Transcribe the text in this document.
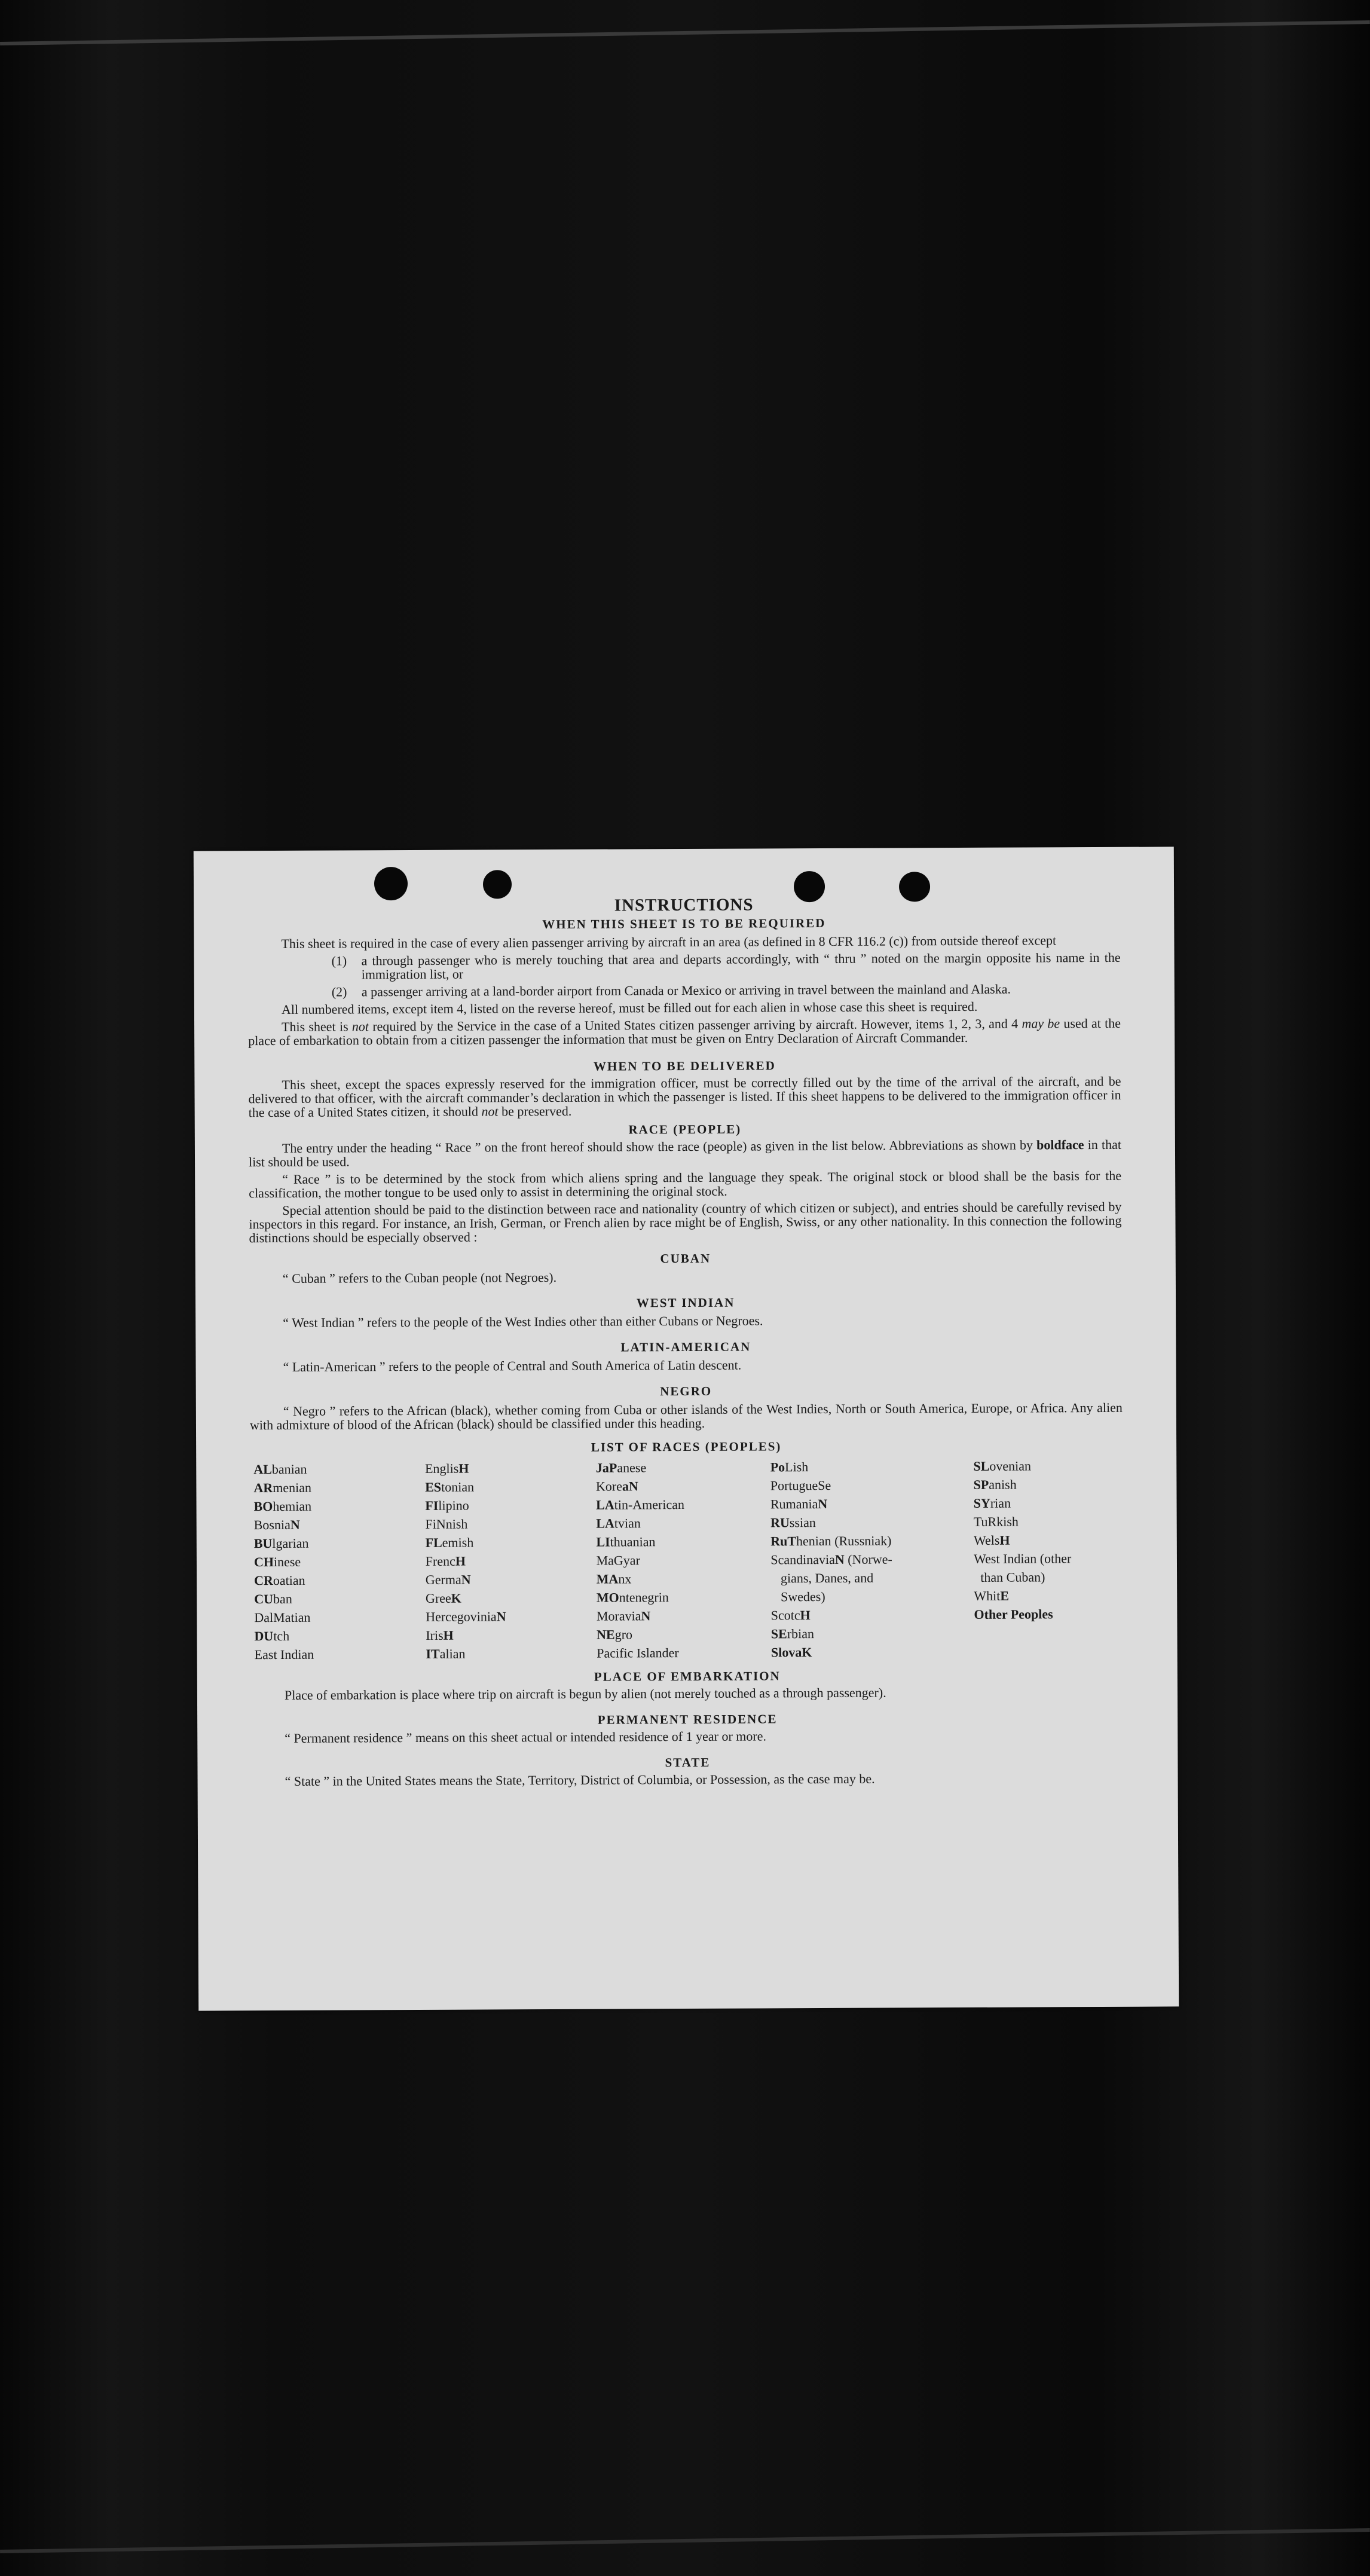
INSTRUCTIONS
WHEN THIS SHEET IS TO BE REQUIRED

This sheet is required in the case of every alien passenger arriving by aircraft in an area (as defined in 8 CFR 116.2 (c)) from outside thereof except

(1)	a through passenger who is merely touching that area and departs accordingly, with “ thru ” noted on the margin opposite his name in the immigration list, or
(2)	a passenger arriving at a land-border airport from Canada or Mexico or arriving in travel between the mainland and Alaska.

All numbered items, except item 4, listed on the reverse hereof, must be filled out for each alien in whose case this sheet is required.

This sheet is not required by the Service in the case of a United States citizen passenger arriving by aircraft. However, items 1, 2, 3, and 4 may be used at the place of embarkation to obtain from a citizen passenger the information that must be given on Entry Declaration of Aircraft Commander.

WHEN TO BE DELIVERED

This sheet, except the spaces expressly reserved for the immigration officer, must be correctly filled out by the time of the arrival of the aircraft, and be delivered to that officer, with the aircraft commander’s declaration in which the passenger is listed. If this sheet happens to be delivered to the immigration officer in the case of a United States citizen, it should not be preserved.

RACE (PEOPLE)

The entry under the heading “ Race ” on the front hereof should show the race (people) as given in the list below. Abbreviations as shown by boldface in that list should be used.

“ Race ” is to be determined by the stock from which aliens spring and the language they speak. The original stock or blood shall be the basis for the classification, the mother tongue to be used only to assist in determining the original stock.

Special attention should be paid to the distinction between race and nationality (country of which citizen or subject), and entries should be carefully revised by inspectors in this regard. For instance, an Irish, German, or French alien by race might be of English, Swiss, or any other nationality. In this connection the following distinctions should be especially observed :

CUBAN

“ Cuban ” refers to the Cuban people (not Negroes).

WEST INDIAN

“ West Indian ” refers to the people of the West Indies other than either Cubans or Negroes.

LATIN-AMERICAN

“ Latin-American ” refers to the people of Central and South America of Latin descent.

NEGRO

“ Negro ” refers to the African (black), whether coming from Cuba or other islands of the West Indies, North or South America, Europe, or Africa. Any alien with admixture of blood of the African (black) should be classified under this heading.

LIST OF RACES (PEOPLES)
ALbanian
ARmenian
BOhemian
BosniaN
BUlgarian
CHinese
CRoatian
CUban
DalMatian
DUtch
East Indian
EnglisH
EStonian
FIlipino
FiNnish
FLemish
FrencH
GermaN
GreeK
HercegoviniaN
IrisH
ITalian
JaPanese
KoreaN
LAtin-American
LAtvian
LIthuanian
MaGyar
MAnx
MOntenegrin
MoraviaN
NEgro
Pacific Islander
PoLish
PortugueSe
RumaniaN
RUssian
RuThenian (Russniak)
ScandinaviaN (Norwe-
gians, Danes, and
Swedes)
ScotcH
SErbian
SlovaK
SLovenian
SPanish
SYrian
TuRkish
WelsH
West Indian (other
than Cuban)
WhitE
Other Peoples
PLACE OF EMBARKATION

Place of embarkation is place where trip on aircraft is begun by alien (not merely touched as a through passenger).

PERMANENT RESIDENCE

“ Permanent residence ” means on this sheet actual or intended residence of 1 year or more.

STATE

“ State ” in the United States means the State, Territory, District of Columbia, or Possession, as the case may be.
